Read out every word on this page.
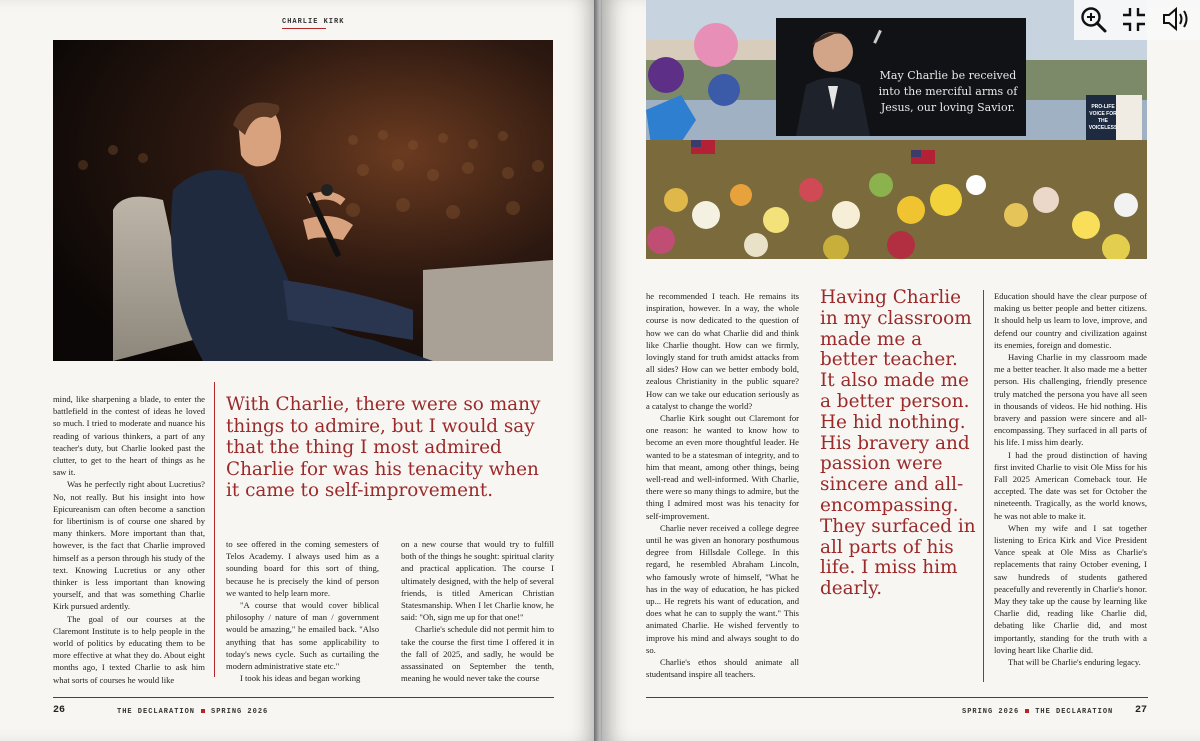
CHARLIE KIRK

mind, like sharpening a blade, to enter the battlefield in the contest of ideas he loved so much. I tried to moderate and nuance his reading of various thinkers, a part of any teacher's duty, but Charlie looked past the clutter, to get to the heart of things as he saw it.

Was he perfectly right about Lucretius? No, not really. But his insight into how Epicureanism can often become a sanction for libertinism is of course one shared by many thinkers. More important than that, however, is the fact that Charlie improved himself as a person through his study of the text. Knowing Lucretius or any other thinker is less important than knowing yourself, and that was something Charlie Kirk pursued ardently.

The goal of our courses at the Claremont Institute is to help people in the world of politics by educating them to be more effective at what they do. About eight months ago, I texted Charlie to ask him what sorts of courses he would like

With Charlie, there were so many things to admire, but I would say that the thing I most admired Charlie for was his tenacity when it came to self-improvement.

to see offered in the coming semesters of Telos Academy. I always used him as a sounding board for this sort of thing, because he is precisely the kind of person we wanted to help learn more.

"A course that would cover biblical philosophy / nature of man / government would be amazing," he emailed back. "Also anything that has some applicability to today's news cycle. Such as curtailing the modern administrative state etc."

I took his ideas and began working

on a new course that would try to fulfill both of the things he sought: spiritual clarity and practical application. The course I ultimately designed, with the help of several friends, is titled American Christian Statesmanship. When I let Charlie know, he said: "Oh, sign me up for that one!"

Charlie's schedule did not permit him to take the course the first time I offered it in the fall of 2025, and sadly, he would be assassinated on September the tenth, meaning he would never take the course

26	THE DECLARATION SPRING 2026
May Charlie be received into the merciful arms of Jesus, our loving Savior.	PRO-LIFE VOICE FOR THE VOICELESS

he recommended I teach. He remains its inspiration, however. In a way, the whole course is now dedicated to the question of how we can do what Charlie did and think like Charlie thought. How can we firmly, lovingly stand for truth amidst attacks from all sides? How can we better embody bold, zealous Christianity in the public square? How can we take our education seriously as a catalyst to change the world?

Charlie Kirk sought out Claremont for one reason: he wanted to know how to become an even more thoughtful leader. He wanted to be a statesman of integrity, and to him that meant, among other things, being well-read and well-informed. With Charlie, there were so many things to admire, but the thing I admired most was his tenacity for self-improvement.

Charlie never received a college degree until he was given an honorary posthumous degree from Hillsdale College. In this regard, he resembled Abraham Lincoln, who famously wrote of himself, "What he has in the way of education, he has picked up... He regrets his want of education, and does what he can to supply the want." This animated Charlie. He wished fervently to improve his mind and always sought to do so.

Charlie's ethos should animate all studentsand inspire all teachers.

Having Charlie in my classroom made me a better teacher. It also made me a better person. He hid nothing. His bravery and passion were sincere and all-encompassing. They surfaced in all parts of his life. I miss him dearly.

Education should have the clear purpose of making us better people and better citizens. It should help us learn to love, improve, and defend our country and civilization against its enemies, foreign and domestic.

Having Charlie in my classroom made me a better teacher. It also made me a better person. His challenging, friendly presence truly matched the persona you have all seen in thousands of videos. He hid nothing. His bravery and passion were sincere and all-encompassing. They surfaced in all parts of his life. I miss him dearly.

I had the proud distinction of having first invited Charlie to visit Ole Miss for his Fall 2025 American Comeback tour. He accepted. The date was set for October the nineteenth. Tragically, as the world knows, he was not able to make it.

When my wife and I sat together listening to Erica Kirk and Vice President Vance speak at Ole Miss as Charlie's replacements that rainy October evening, I saw hundreds of students gathered peacefully and reverently in Charlie's honor. May they take up the cause by learning like Charlie did, reading like Charlie did, debating like Charlie did, and most importantly, standing for the truth with a loving heart like Charlie did.

That will be Charlie's enduring legacy.

SPRING 2026 THE DECLARATION 27
